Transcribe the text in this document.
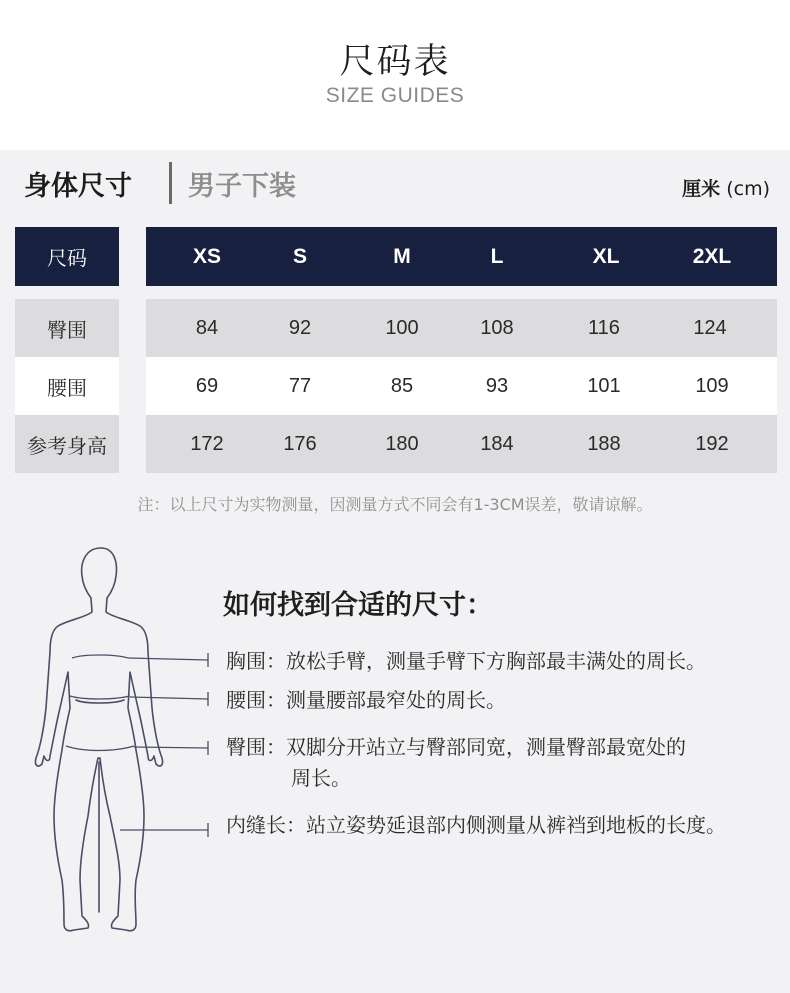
尺码表
SIZE GUIDES
身体尺寸 男子下装	厘米 (cm)
尺码	XS	S	M	L	XL	2XL
臀围	84	92	100	108	116	124
腰围	69	77	85	93	101	109
参考身高	172	176	180	184	188	192
注：以上尺寸为实物测量，因测量方式不同会有1-3CM误差，敬请谅解。
如何找到合适的尺寸：
胸围：放松手臂，测量手臂下方胸部最丰满处的周长。
腰围：测量腰部最窄处的周长。
臀围：双脚分开站立与臀部同宽，测量臀部最宽处的
周长。
内缝长：站立姿势延退部内侧测量从裤裆到地板的长度。
